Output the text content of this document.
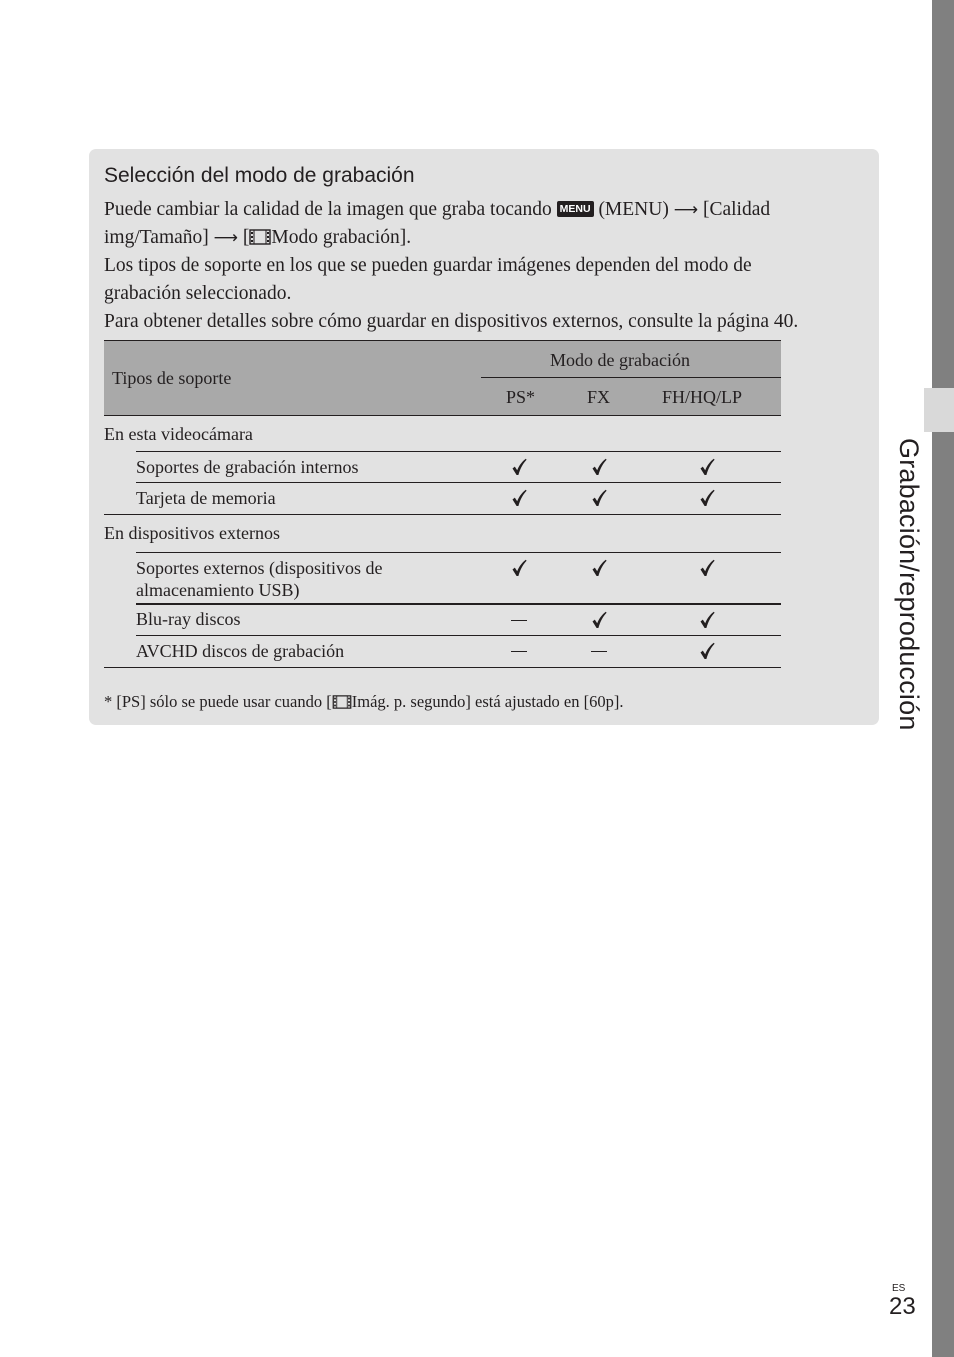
Grabación/reproducción
Selección del modo de grabación
Puede cambiar la calidad de la imagen que graba tocando MENU (MENU) ⟶ [Calidad
img/Tamaño] ⟶ [ Modo grabación].
Los tipos de soporte en los que se pueden guardar imágenes dependen del modo de
grabación seleccionado.
Para obtener detalles sobre cómo guardar en dispositivos externos, consulte la página 40.
Tipos de soporte
Modo de grabación
PS*	FX	FH/HQ/LP
En esta videocámara
Soportes de grabación internos
Tarjeta de memoria
En dispositivos externos
Soportes externos (dispositivos de
almacenamiento USB)
Blu-ray discos
AVCHD discos de grabación
* [PS] sólo se puede usar cuando [ Imág. p. segundo] está ajustado en [60p].
ES
23
